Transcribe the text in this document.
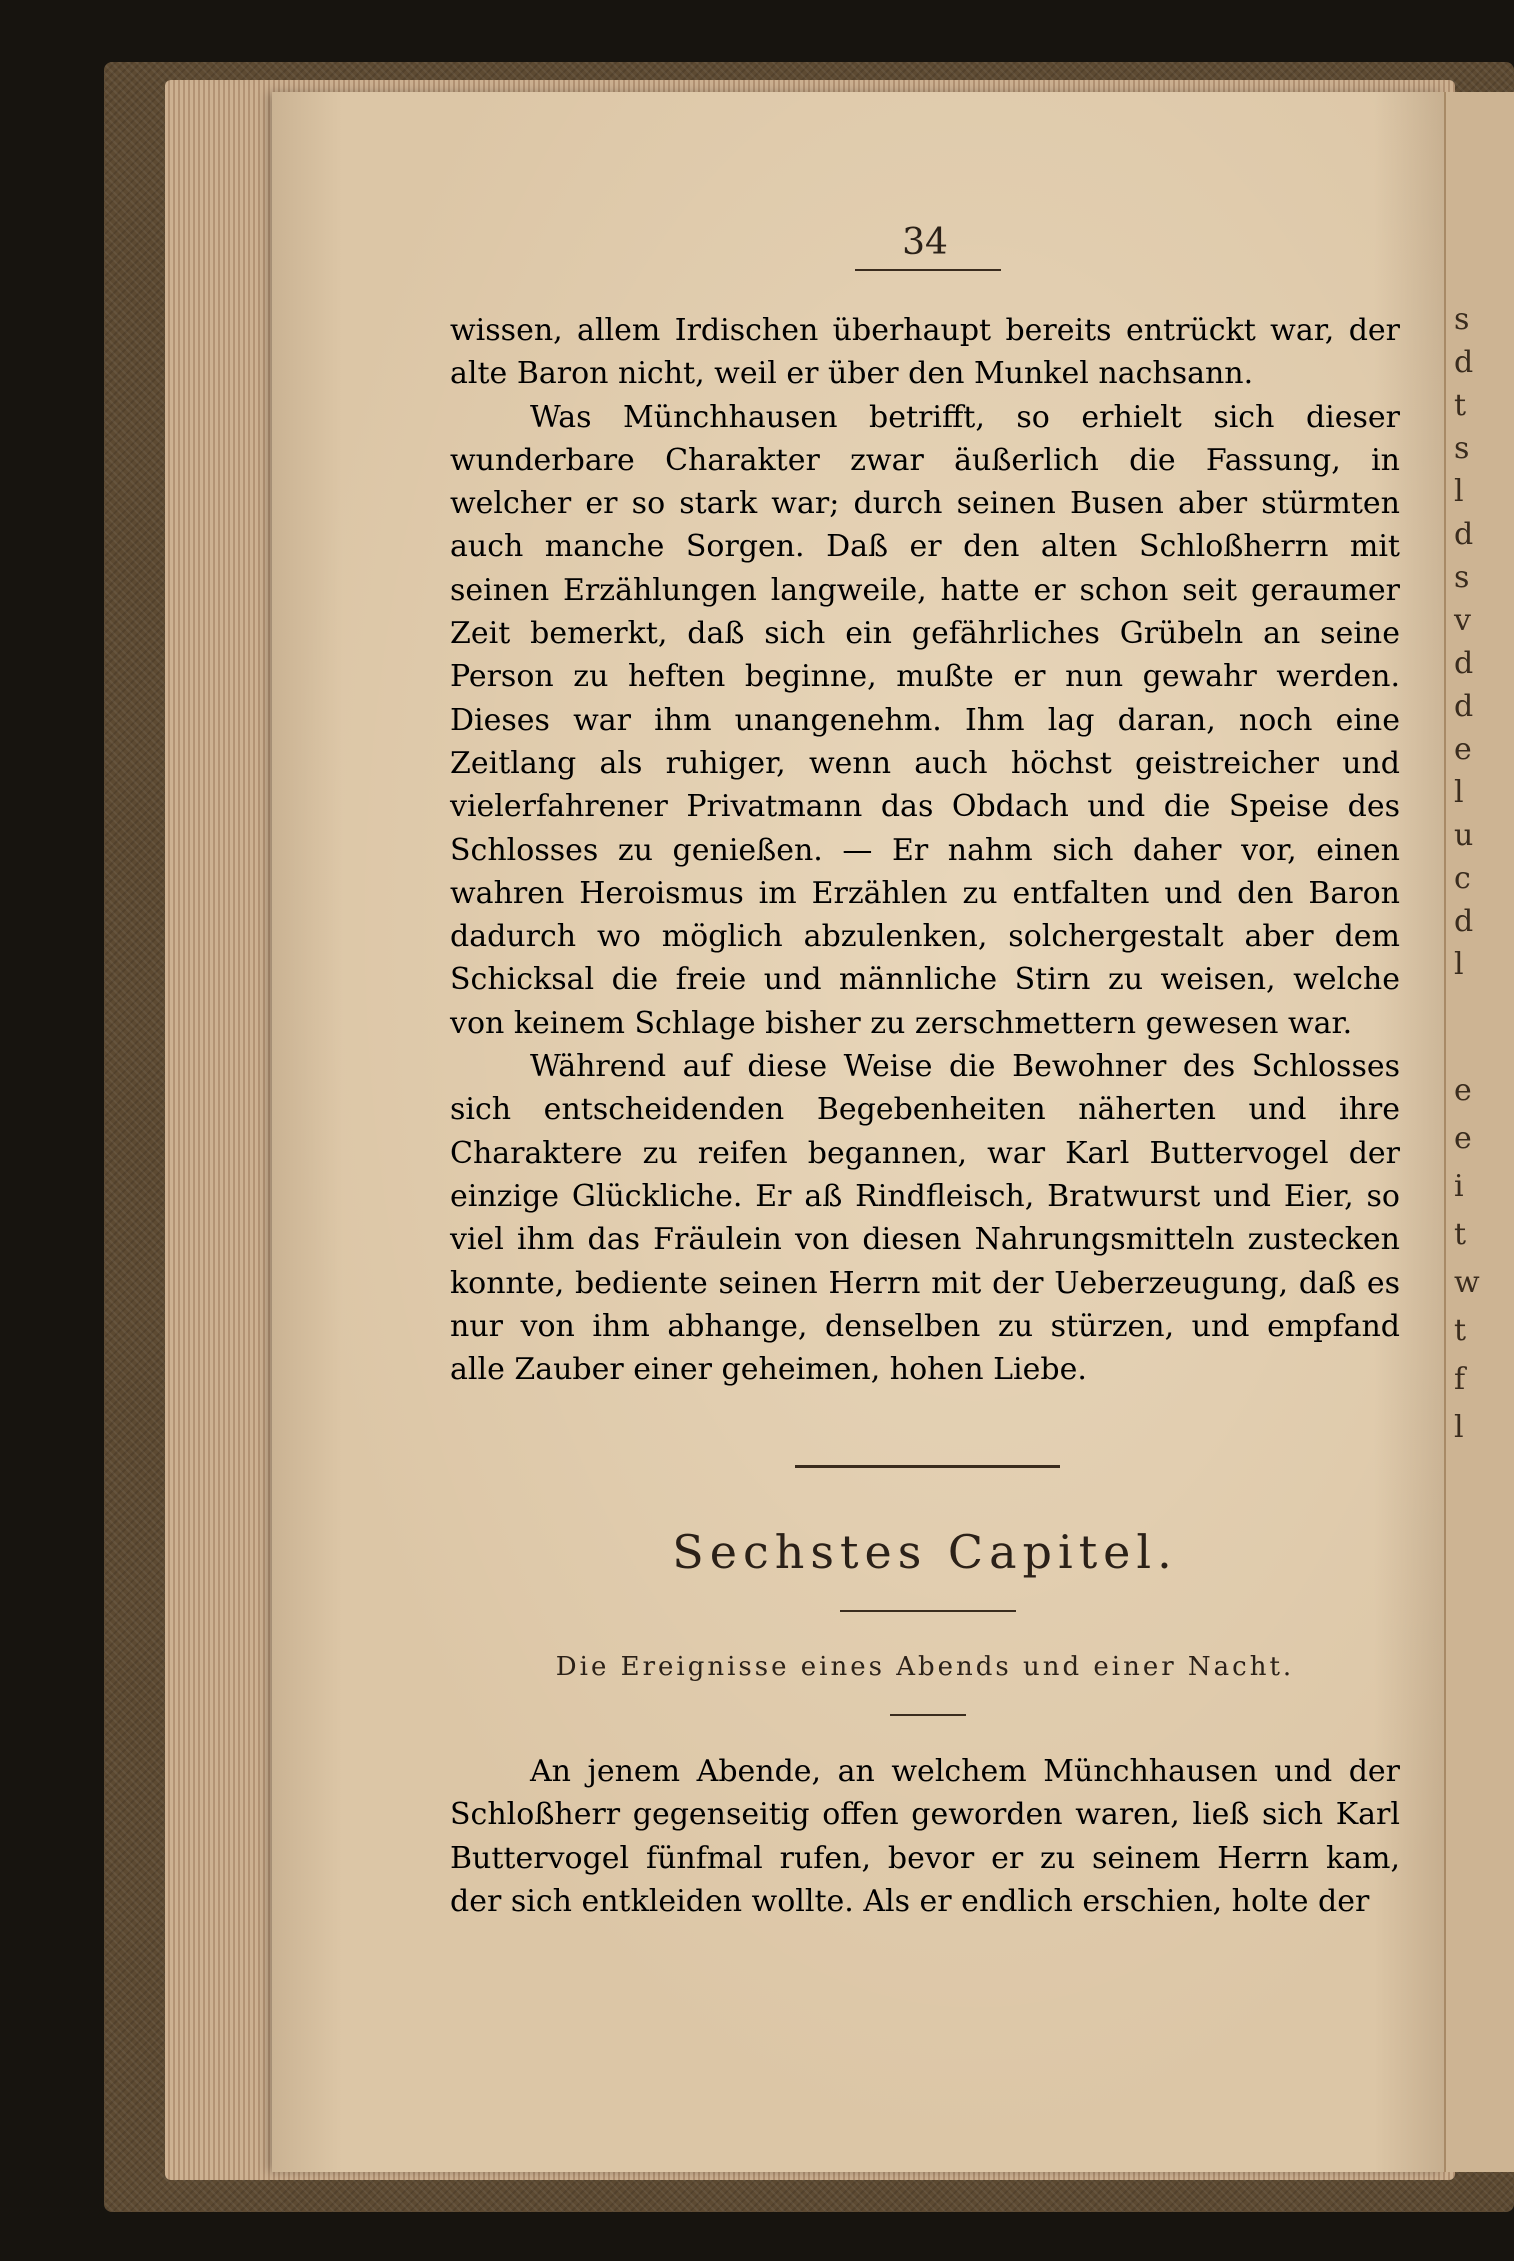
s
d
t
s
l
d
s
v
d
d
e
l
u
c
d
l
e
e
i
t
w
t
f
l
34

wissen, allem Irdischen überhaupt bereits entrückt war, der alte Baron nicht, weil er über den Munkel nachsann.

Was Münchhausen betrifft, so erhielt sich dieser wunderbare Charakter zwar äußerlich die Fassung, in welcher er so stark war; durch seinen Busen aber stürmten auch manche Sorgen. Daß er den alten Schloßherrn mit seinen Erzählungen langweile, hatte er schon seit geraumer Zeit bemerkt, daß sich ein gefährliches Grübeln an seine Person zu heften beginne, mußte er nun gewahr werden. Dieses war ihm unangenehm. Ihm lag daran, noch eine Zeitlang als ruhiger, wenn auch höchst geistreicher und vielerfahrener Privatmann das Obdach und die Speise des Schlosses zu genießen. — Er nahm sich daher vor, einen wahren Heroismus im Erzählen zu entfalten und den Baron dadurch wo möglich abzulenken, solchergestalt aber dem Schicksal die freie und männliche Stirn zu weisen, welche von keinem Schlage bisher zu zerschmettern gewesen war.

Während auf diese Weise die Bewohner des Schlosses sich entscheidenden Begebenheiten näherten und ihre Charaktere zu reifen begannen, war Karl Buttervogel der einzige Glückliche. Er aß Rindfleisch, Bratwurst und Eier, so viel ihm das Fräulein von diesen Nahrungsmitteln zustecken konnte, bediente seinen Herrn mit der Ueberzeugung, daß es nur von ihm abhange, denselben zu stürzen, und empfand alle Zauber einer geheimen, hohen Liebe.

Sechstes Capitel.
Die Ereignisse eines Abends und einer Nacht.

An jenem Abende, an welchem Münchhausen und der Schloßherr gegenseitig offen geworden waren, ließ sich Karl Buttervogel fünfmal rufen, bevor er zu seinem Herrn kam, der sich entkleiden wollte. Als er endlich erschien, holte der
